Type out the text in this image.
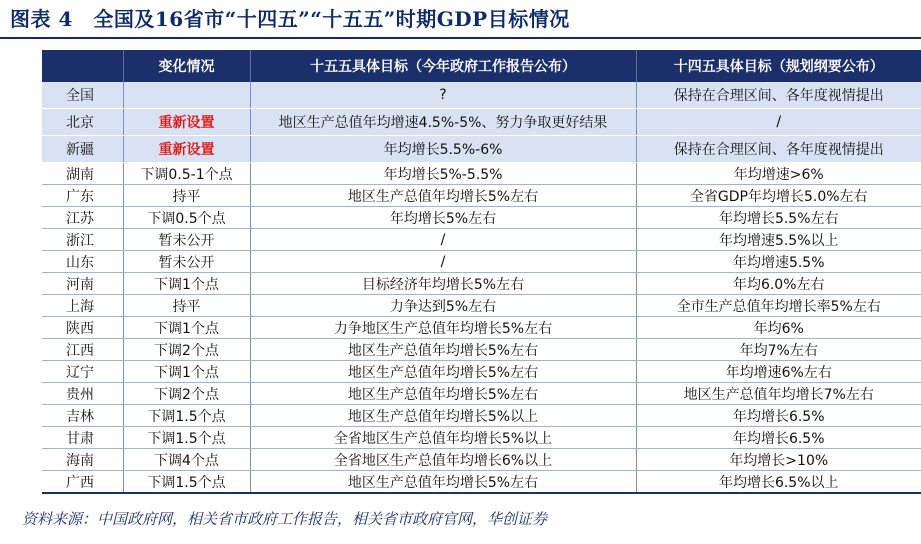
图表 4　全国及16省市“十四五”“十五五”时期GDP目标情况
	变化情况	十五五具体目标（今年政府工作报告公布）	十四五具体目标（规划纲要公布）
全国		?	保持在合理区间、各年度视情提出
北京	重新设置	地区生产总值年均增速4.5%-5%、努力争取更好结果	/
新疆	重新设置	年均增长5.5%-6%	保持在合理区间、各年度视情提出
湖南	下调0.5-1个点	年均增长5%-5.5%	年均增速>6%
广东	持平	地区生产总值年均增长5%左右	全省GDP年均增长5.0%左右
江苏	下调0.5个点	年均增长5%左右	年均增长5.5%左右
浙江	暂未公开	/	年均增速5.5%以上
山东	暂未公开	/	年均增速5.5%
河南	下调1个点	目标经济年均增长5%左右	年均6.0%左右
上海	持平	力争达到5%左右	全市生产总值年均增长率5%左右
陕西	下调1个点	力争地区生产总值年均增长5%左右	年均6%
江西	下调2个点	地区生产总值年均增长5%左右	年均7%左右
辽宁	下调1个点	地区生产总值年均增长5%左右	年均增速6%左右
贵州	下调2个点	地区生产总值年均增长5%左右	地区生产总值年均增长7%左右
吉林	下调1.5个点	地区生产总值年均增长5%以上	年均增长6.5%
甘肃	下调1.5个点	全省地区生产总值年均增长5%以上	年均增长6.5%
海南	下调4个点	全省地区生产总值年均增长6%以上	年均增长>10%
广西	下调1.5个点	地区生产总值年均增长5%左右	年均增长6.5%以上
资料来源：中国政府网，相关省市政府工作报告，相关省市政府官网，华创证券
